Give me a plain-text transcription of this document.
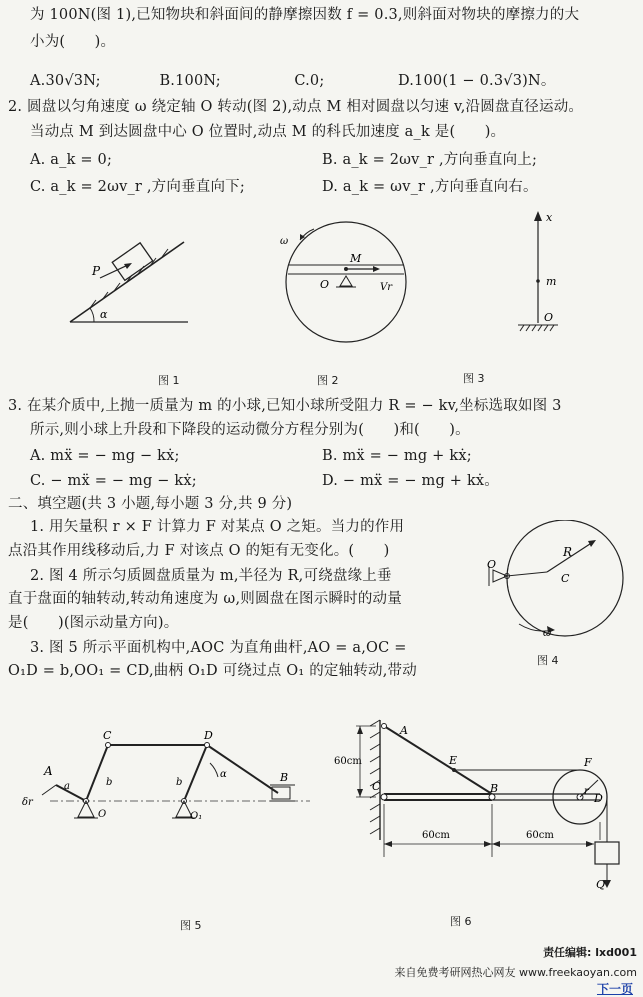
为 100N(图 1),已知物块和斜面间的静摩擦因数 f = 0.3,则斜面对物块的摩擦力的大
小为(　　)。
A.30√3N;　　　　B.100N;　　　　　C.0;　　　　　D.100(1 − 0.3√3)N。
2. 圆盘以匀角速度 ω 绕定轴 O 转动(图 2),动点 M 相对圆盘以匀速 v,沿圆盘直径运动。
当动点 M 到达圆盘中心 O 位置时,动点 M 的科氏加速度 a_k 是(　　)。
A. a_k = 0;	B. a_k = 2ωv_r ,方向垂直向上;
C. a_k = 2ωv_r ,方向垂直向下;	D. a_k = ωv_r ,方向垂直向右。
3. 在某介质中,上抛一质量为 m 的小球,已知小球所受阻力 R = − kv,坐标选取如图 3
所示,则小球上升段和下降段的运动微分方程分别为(　　)和(　　)。
A. mẍ = − mg − kẋ;	B. mẍ = − mg + kẋ;
C. − mẍ = − mg − kẋ;	D. − mẍ = − mg + kẋ。
二、填空题(共 3 小题,每小题 3 分,共 9 分)
1. 用矢量积 r × F 计算力 F 对某点 O 之矩。当力的作用
点沿其作用线移动后,力 F 对该点 O 的矩有无变化。(　　)
2. 图 4 所示匀质圆盘质量为 m,半径为 R,可绕盘缘上垂
直于盘面的轴转动,转动角速度为 ω,则圆盘在图示瞬时的动量
是(　　)(图示动量方向)。
3. 图 5 所示平面机构中,AOC 为直角曲杆,AO = a,OC =
O₁D = b,OO₁ = CD,曲柄 O₁D 可绕过点 O₁ 的定轴转动,带动
P
α
ω
M
O	Vr
x
m
O
图 1	图 2	图 3
O
R
C
ω
图 4
A
a
δr
C	D
b	b
α	B
O	O₁
图 5
A
E
C	B
F
r
D
Q
60cm
60cm	60cm
图 6
责任编辑: lxd001
来自免费考研网热心网友 www.freekaoyan.com
下一页
